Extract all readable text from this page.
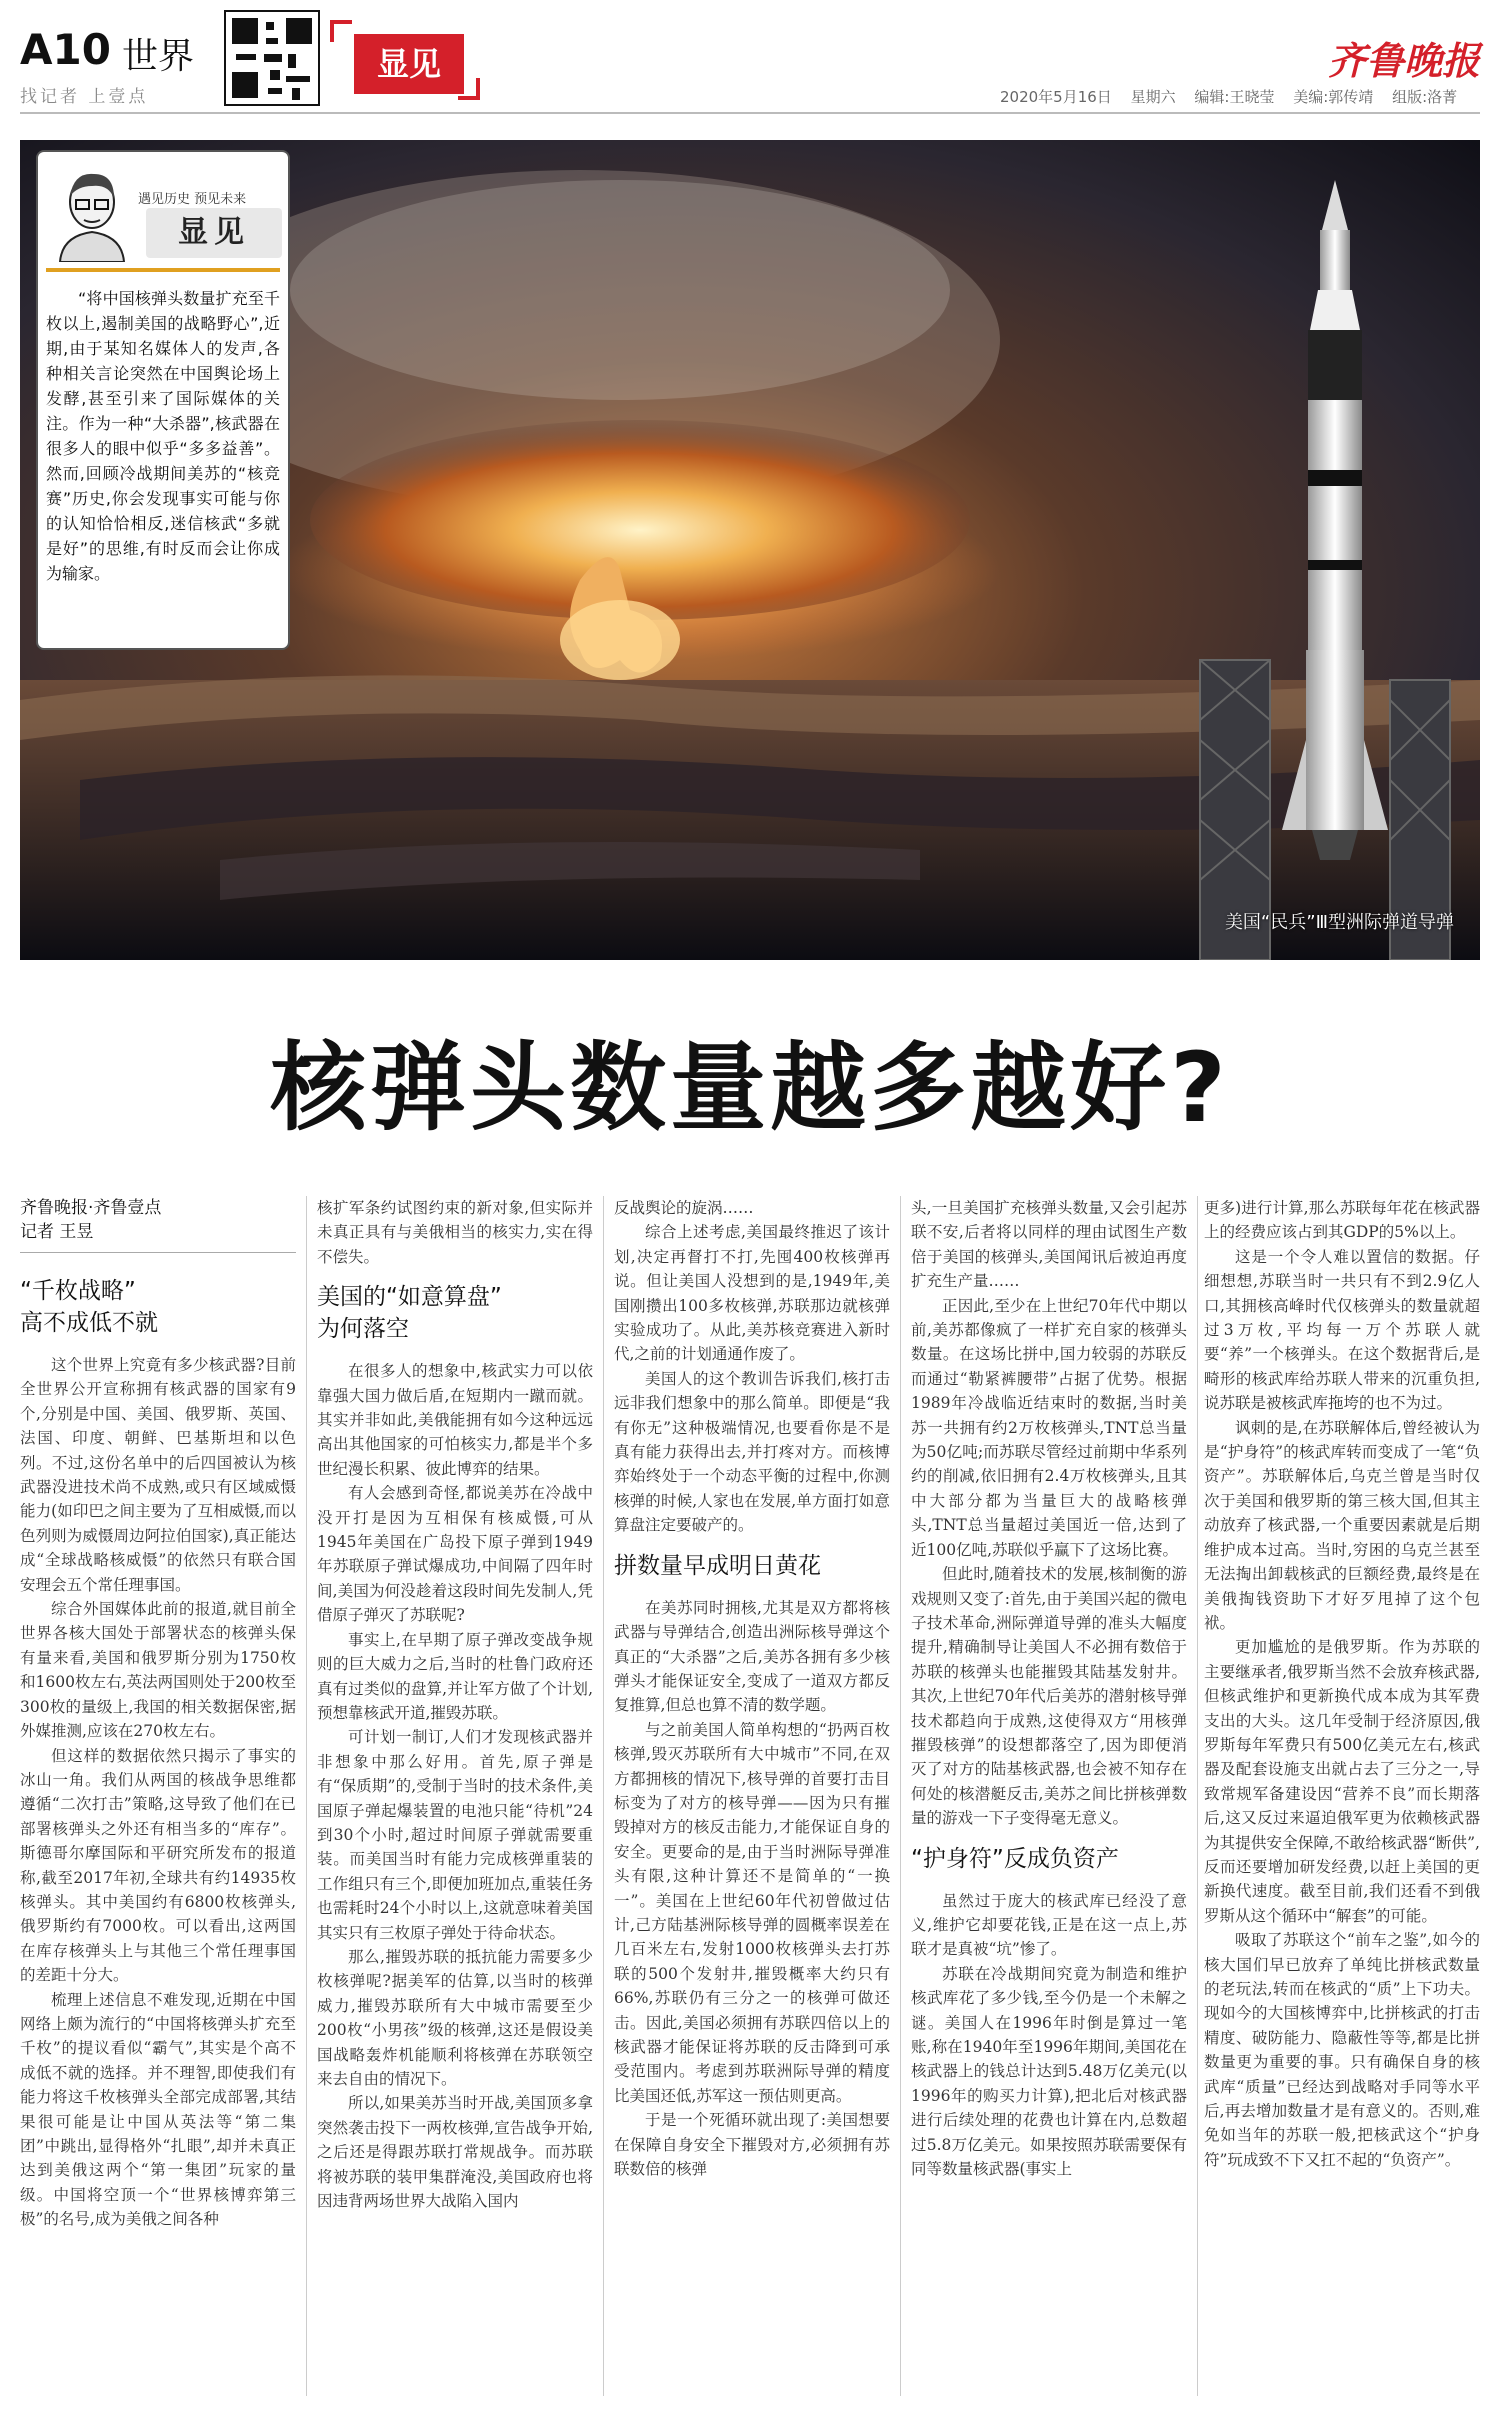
A10 世界
找记者 上壹点
显见	齐鲁晚报
2020年5月16日 星期六 编辑:王晓莹 美编:郭传靖 组版:洛菁
美国“民兵”Ⅲ型洲际弹道导弹
遇见历史 预见未来
显见
“将中国核弹头数量扩充至千枚以上,遏制美国的战略野心”,近期,由于某知名媒体人的发声,各种相关言论突然在中国舆论场上发酵,甚至引来了国际媒体的关注。作为一种“大杀器”,核武器在很多人的眼中似乎“多多益善”。然而,回顾冷战期间美苏的“核竞赛”历史,你会发现事实可能与你的认知恰恰相反,迷信核武“多就是好”的思维,有时反而会让你成为输家。
核弹头数量越多越好?
齐鲁晚报·齐鲁壹点
记者 王昱
“千枚战略”
高不成低不就

这个世界上究竟有多少核武器?目前全世界公开宣称拥有核武器的国家有9个,分别是中国、美国、俄罗斯、英国、法国、印度、朝鲜、巴基斯坦和以色列。不过,这份名单中的后四国被认为核武器没进技术尚不成熟,或只有区域威慑能力(如印巴之间主要为了互相威慑,而以色列则为威慑周边阿拉伯国家),真正能达成“全球战略核威慑”的依然只有联合国安理会五个常任理事国。

综合外国媒体此前的报道,就目前全世界各核大国处于部署状态的核弹头保有量来看,美国和俄罗斯分别为1750枚和1600枚左右,英法两国则处于200枚至300枚的量级上,我国的相关数据保密,据外媒推测,应该在270枚左右。

但这样的数据依然只揭示了事实的冰山一角。我们从两国的核战争思维都遵循“二次打击”策略,这导致了他们在已部署核弹头之外还有相当多的“库存”。斯德哥尔摩国际和平研究所发布的报道称,截至2017年初,全球共有约14935枚核弹头。其中美国约有6800枚核弹头,俄罗斯约有7000枚。可以看出,这两国在库存核弹头上与其他三个常任理事国的差距十分大。

梳理上述信息不难发现,近期在中国网络上颇为流行的“中国将核弹头扩充至千枚”的提议看似“霸气”,其实是个高不成低不就的选择。并不理智,即使我们有能力将这千枚核弹头全部完成部署,其结果很可能是让中国从英法等“第二集团”中跳出,显得格外“扎眼”,却并未真正达到美俄这两个“第一集团”玩家的量级。中国将空顶一个“世界核博弈第三极”的名号,成为美俄之间各种

核扩军条约试图约束的新对象,但实际并未真正具有与美俄相当的核实力,实在得不偿失。

美国的“如意算盘”
为何落空

在很多人的想象中,核武实力可以依靠强大国力做后盾,在短期内一蹴而就。其实并非如此,美俄能拥有如今这种远远高出其他国家的可怕核实力,都是半个多世纪漫长积累、彼此博弈的结果。

有人会感到奇怪,都说美苏在冷战中没开打是因为互相保有核威慑,可从1945年美国在广岛投下原子弹到1949年苏联原子弹试爆成功,中间隔了四年时间,美国为何没趁着这段时间先发制人,凭借原子弹灭了苏联呢?

事实上,在早期了原子弹改变战争规则的巨大威力之后,当时的杜鲁门政府还真有过类似的盘算,并让军方做了个计划,预想靠核武开道,摧毁苏联。

可计划一制订,人们才发现核武器并非想象中那么好用。首先,原子弹是有“保质期”的,受制于当时的技术条件,美国原子弹起爆装置的电池只能“待机”24到30个小时,超过时间原子弹就需要重装。而美国当时有能力完成核弹重装的工作组只有三个,即便加班加点,重装任务也需耗时24个小时以上,这就意味着美国其实只有三枚原子弹处于待命状态。

那么,摧毁苏联的抵抗能力需要多少枚核弹呢?据美军的估算,以当时的核弹威力,摧毁苏联所有大中城市需要至少200枚“小男孩”级的核弹,这还是假设美国战略轰炸机能顺利将核弹在苏联领空来去自由的情况下。

所以,如果美苏当时开战,美国顶多拿突然袭击投下一两枚核弹,宣告战争开始,之后还是得跟苏联打常规战争。而苏联将被苏联的装甲集群淹没,美国政府也将因违背两场世界大战陷入国内

反战舆论的旋涡……

综合上述考虑,美国最终推迟了该计划,决定再督打不打,先囤400枚核弹再说。但让美国人没想到的是,1949年,美国刚攒出100多枚核弹,苏联那边就核弹实验成功了。从此,美苏核竞赛进入新时代,之前的计划通通作废了。

美国人的这个教训告诉我们,核打击远非我们想象中的那么简单。即便是“我有你无”这种极端情况,也要看你是不是真有能力获得出去,并打疼对方。而核博弈始终处于一个动态平衡的过程中,你测核弹的时候,人家也在发展,单方面打如意算盘注定要破产的。

拼数量早成明日黄花

在美苏同时拥核,尤其是双方都将核武器与导弹结合,创造出洲际核导弹这个真正的“大杀器”之后,美苏各拥有多少核弹头才能保证安全,变成了一道双方都反复推算,但总也算不清的数学题。

与之前美国人简单构想的“扔两百枚核弹,毁灭苏联所有大中城市”不同,在双方都拥核的情况下,核导弹的首要打击目标变为了对方的核导弹——因为只有摧毁掉对方的核反击能力,才能保证自身的安全。更要命的是,由于当时洲际导弹准头有限,这种计算还不是简单的“一换一”。美国在上世纪60年代初曾做过估计,己方陆基洲际核导弹的圆概率误差在几百米左右,发射1000枚核弹头去打苏联的500个发射井,摧毁概率大约只有66%,苏联仍有三分之一的核弹可做还击。因此,美国必须拥有苏联四倍以上的核武器才能保证将苏联的反击降到可承受范围内。考虑到苏联洲际导弹的精度比美国还低,苏军这一预估则更高。

于是一个死循环就出现了:美国想要在保障自身安全下摧毁对方,必须拥有苏联数倍的核弹

头,一旦美国扩充核弹头数量,又会引起苏联不安,后者将以同样的理由试图生产数倍于美国的核弹头,美国闻讯后被迫再度扩充生产量……

正因此,至少在上世纪70年代中期以前,美苏都像疯了一样扩充自家的核弹头数量。在这场比拼中,国力较弱的苏联反而通过“勒紧裤腰带”占据了优势。根据1989年冷战临近结束时的数据,当时美苏一共拥有约2万枚核弹头,TNT总当量为50亿吨;而苏联尽管经过前期中华系列约的削减,依旧拥有2.4万枚核弹头,且其中大部分都为当量巨大的战略核弹头,TNT总当量超过美国近一倍,达到了近100亿吨,苏联似乎赢下了这场比赛。

但此时,随着技术的发展,核制衡的游戏规则又变了:首先,由于美国兴起的微电子技术革命,洲际弹道导弹的准头大幅度提升,精确制导让美国人不必拥有数倍于苏联的核弹头也能摧毁其陆基发射井。其次,上世纪70年代后美苏的潜射核导弹技术都趋向于成熟,这使得双方“用核弹摧毁核弹”的设想都落空了,因为即便消灭了对方的陆基核武器,也会被不知存在何处的核潜艇反击,美苏之间比拼核弹数量的游戏一下子变得毫无意义。

“护身符”反成负资产

虽然过于庞大的核武库已经没了意义,维护它却要花钱,正是在这一点上,苏联才是真被“坑”惨了。

苏联在冷战期间究竟为制造和维护核武库花了多少钱,至今仍是一个未解之谜。美国人在1996年时倒是算过一笔账,称在1940年至1996年期间,美国花在核武器上的钱总计达到5.48万亿美元(以1996年的购买力计算),把北后对核武器进行后续处理的花费也计算在内,总数超过5.8万亿美元。如果按照苏联需要保有同等数量核武器(事实上

更多)进行计算,那么苏联每年花在核武器上的经费应该占到其GDP的5%以上。

这是一个令人难以置信的数据。仔细想想,苏联当时一共只有不到2.9亿人口,其拥核高峰时代仅核弹头的数量就超过3万枚,平均每一万个苏联人就要“养”一个核弹头。在这个数据背后,是畸形的核武库给苏联人带来的沉重负担,说苏联是被核武库拖垮的也不为过。

讽刺的是,在苏联解体后,曾经被认为是“护身符”的核武库转而变成了一笔“负资产”。苏联解体后,乌克兰曾是当时仅次于美国和俄罗斯的第三核大国,但其主动放弃了核武器,一个重要因素就是后期维护成本过高。当时,穷困的乌克兰甚至无法掏出卸载核武的巨额经费,最终是在美俄掏钱资助下才好歹甩掉了这个包袱。

更加尴尬的是俄罗斯。作为苏联的主要继承者,俄罗斯当然不会放弃核武器,但核武维护和更新换代成本成为其军费支出的大头。这几年受制于经济原因,俄罗斯每年军费只有500亿美元左右,核武器及配套设施支出就占去了三分之一,导致常规军备建设因“营养不良”而长期落后,这又反过来逼迫俄军更为依赖核武器为其提供安全保障,不敢给核武器“断供”,反而还要增加研发经费,以赶上美国的更新换代速度。截至目前,我们还看不到俄罗斯从这个循环中“解套”的可能。

吸取了苏联这个“前车之鉴”,如今的核大国们早已放弃了单纯比拼核武数量的老玩法,转而在核武的“质”上下功夫。现如今的大国核博弈中,比拼核武的打击精度、破防能力、隐蔽性等等,都是比拼数量更为重要的事。只有确保自身的核武库“质量”已经达到战略对手同等水平后,再去增加数量才是有意义的。否则,难免如当年的苏联一般,把核武这个“护身符”玩成致不下又扛不起的“负资产”。
